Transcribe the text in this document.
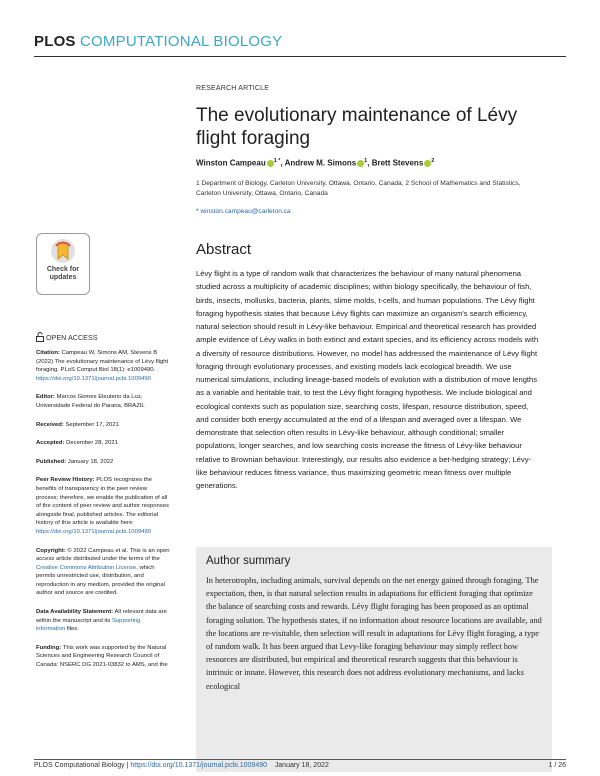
PLOS COMPUTATIONAL BIOLOGY
RESEARCH ARTICLE
The evolutionary maintenance of Lévy flight foraging
Winston Campeau $^{1 *}$, Andrew M. Simons $^1$, Brett Stevens $^2$
1 Department of Biology, Carleton University, Ottawa, Ontario, Canada, 2 School of Mathematics and Statistics, Carleton University, Ottawa, Ontario, Canada
* winston.campeau@carleton.ca
Abstract
Lévy flight is a type of random walk that characterizes the behaviour of many natural phenomena studied across a multiplicity of academic disciplines; within biology specifically, the behaviour of fish, birds, insects, mollusks, bacteria, plants, slime molds, t-cells, and human populations. The Lévy flight foraging hypothesis states that because Lévy flights can maximize an organism's search efficiency, natural selection should result in Lévy-like behaviour. Empirical and theoretical research has provided ample evidence of Lévy walks in both extinct and extant species, and its efficiency across models with a diversity of resource distributions. However, no model has addressed the maintenance of Lévy flight foraging through evolutionary processes, and existing models lack ecological breadth. We use numerical simulations, including lineage-based models of evolution with a distribution of move lengths as a variable and heritable trait, to test the Lévy flight foraging hypothesis. We include biological and ecological contexts such as population size, searching costs, lifespan, resource distribution, speed, and consider both energy accumulated at the end of a lifespan and averaged over a lifespan. We demonstrate that selection often results in Lévy-like behaviour, although conditional; smaller populations, longer searches, and low searching costs increase the fitness of Lévy-like behaviour relative to Brownian behaviour. Interestingly, our results also evidence a bet-hedging strategy; Lévy-like behaviour reduces fitness variance, thus maximizing geometric mean fitness over multiple generations.
Author summary
In heterotrophs, including animals, survival depends on the net energy gained through foraging. The expectation, then, is that natural selection results in adaptations for efficient foraging that optimize the balance of searching costs and rewards. Lévy flight foraging has been proposed as an optimal foraging solution. The hypothesis states, if no information about resource locations are available, and the locations are re-visitable, then selection will result in adaptations for Lévy flight foraging, a type of random walk. It has been argued that Levy-like foraging behaviour may simply reflect how resources are distributed, but empirical and theoretical research suggests that this behaviour is intrinsic or innate. However, this research does not address evolutionary mechanisms, and lacks ecological
Check for updates
OPEN ACCESS

Citation: Campeau W, Simons AM, Stevens B (2022) The evolutionary maintenance of Lévy flight foraging. PLoS Comput Biol 18(1): e1009490. https://doi.org/10.1371/journal.pcbi.1009490

Editor: Marcos Gomes Eleuterio da Luz, Universidade Federal do Parana, BRAZIL

Received: September 17, 2021

Accepted: December 28, 2021

Published: January 18, 2022

Peer Review History: PLOS recognizes the benefits of transparency in the peer review process; therefore, we enable the publication of all of the content of peer review and author responses alongside final, published articles. The editorial history of this article is available here: https://doi.org/10.1371/journal.pcbi.1009490

Copyright: © 2022 Campeau et al. This is an open access article distributed under the terms of the Creative Commons Attribution License, which permits unrestricted use, distribution, and reproduction in any medium, provided the original author and source are credited.

Data Availability Statement: All relevant data are within the manuscript and its Supporting information files.

Funding: This work was supported by the Natural Sciences and Engineering Research Council of Canada: NSERC DG 2021-03832 to AMS, and the

PLOS Computational Biology | https://doi.org/10.1371/journal.pcbi.1009490 January 18, 2022	1 / 26
